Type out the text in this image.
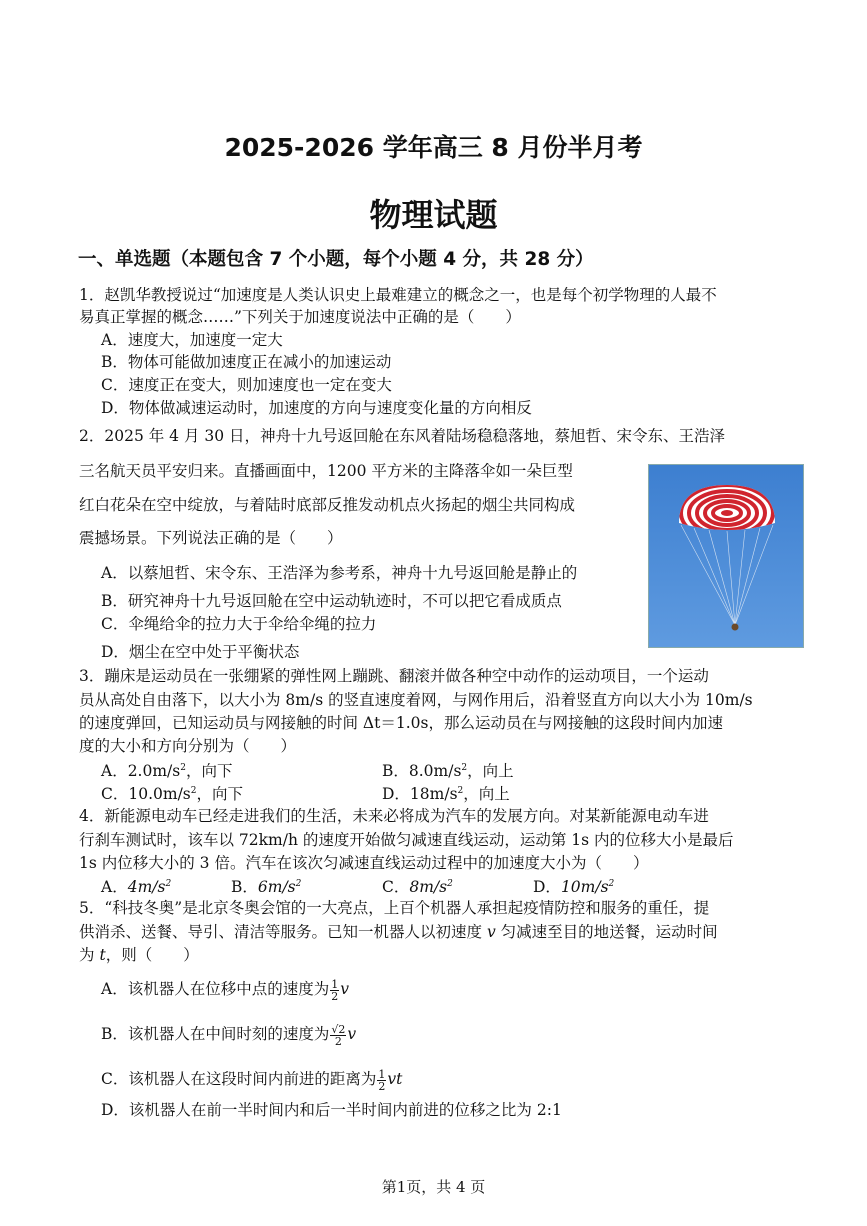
2025-2026 学年高三 8 月份半月考
物理试题
一、单选题（本题包含 7 个小题，每个小题 4 分，共 28 分）
1．赵凯华教授说过“加速度是人类认识史上最难建立的概念之一，也是每个初学物理的人最不
易真正掌握的概念……”下列关于加速度说法中正确的是（　　）
A．速度大，加速度一定大
B．物体可能做加速度正在减小的加速运动
C．速度正在变大，则加速度也一定在变大
D．物体做减速运动时，加速度的方向与速度变化量的方向相反
2．2025 年 4 月 30 日，神舟十九号返回舱在东风着陆场稳稳落地，蔡旭哲、宋令东、王浩泽
三名航天员平安归来。直播画面中，1200 平方米的主降落伞如一朵巨型
红白花朵在空中绽放，与着陆时底部反推发动机点火扬起的烟尘共同构成
震撼场景。下列说法正确的是（　　）
A．以蔡旭哲、宋令东、王浩泽为参考系，神舟十九号返回舱是静止的
B．研究神舟十九号返回舱在空中运动轨迹时，不可以把它看成质点
C．伞绳给伞的拉力大于伞给伞绳的拉力
D．烟尘在空中处于平衡状态
3．蹦床是运动员在一张绷紧的弹性网上蹦跳、翻滚并做各种空中动作的运动项目，一个运动
员从高处自由落下，以大小为 8m/s 的竖直速度着网，与网作用后，沿着竖直方向以大小为 10m/s
的速度弹回，已知运动员与网接触的时间 Δt＝1.0s，那么运动员在与网接触的这段时间内加速
度的大小和方向分别为（　　）
A．$2.0m/s^2$，向下	B．$8.0m/s^2$，向上
C．$10.0m/s^2$，向下	D．$18m/s^2$，向上
4．新能源电动车已经走进我们的生活，未来必将成为汽车的发展方向。对某新能源电动车进
行刹车测试时，该车以 72km/h 的速度开始做匀减速直线运动，运动第 1s 内的位移大小是最后
1s 内位移大小的 3 倍。汽车在该次匀减速直线运动过程中的加速度大小为（　　）
A．$4m/s^2$	B．$6m/s^2$	C．$8m/s^2$	D．$10m/s^2$
5．“科技冬奥”是北京冬奥会馆的一大亮点，上百个机器人承担起疫情防控和服务的重任，提
供消杀、送餐、导引、清洁等服务。已知一机器人以初速度 v 匀减速至目的地送餐，运动时间
为 t，则（　　）
A．该机器人在位移中点的速度为 $\frac{1}{2}$ v
B．该机器人在中间时刻的速度为 $\frac{√2}{2}$ v
C．该机器人在这段时间内前进的距离为 $\frac{1}{2}$ vt
D．该机器人在前一半时间内和后一半时间内前进的位移之比为 2:1
第1页，共 4 页
